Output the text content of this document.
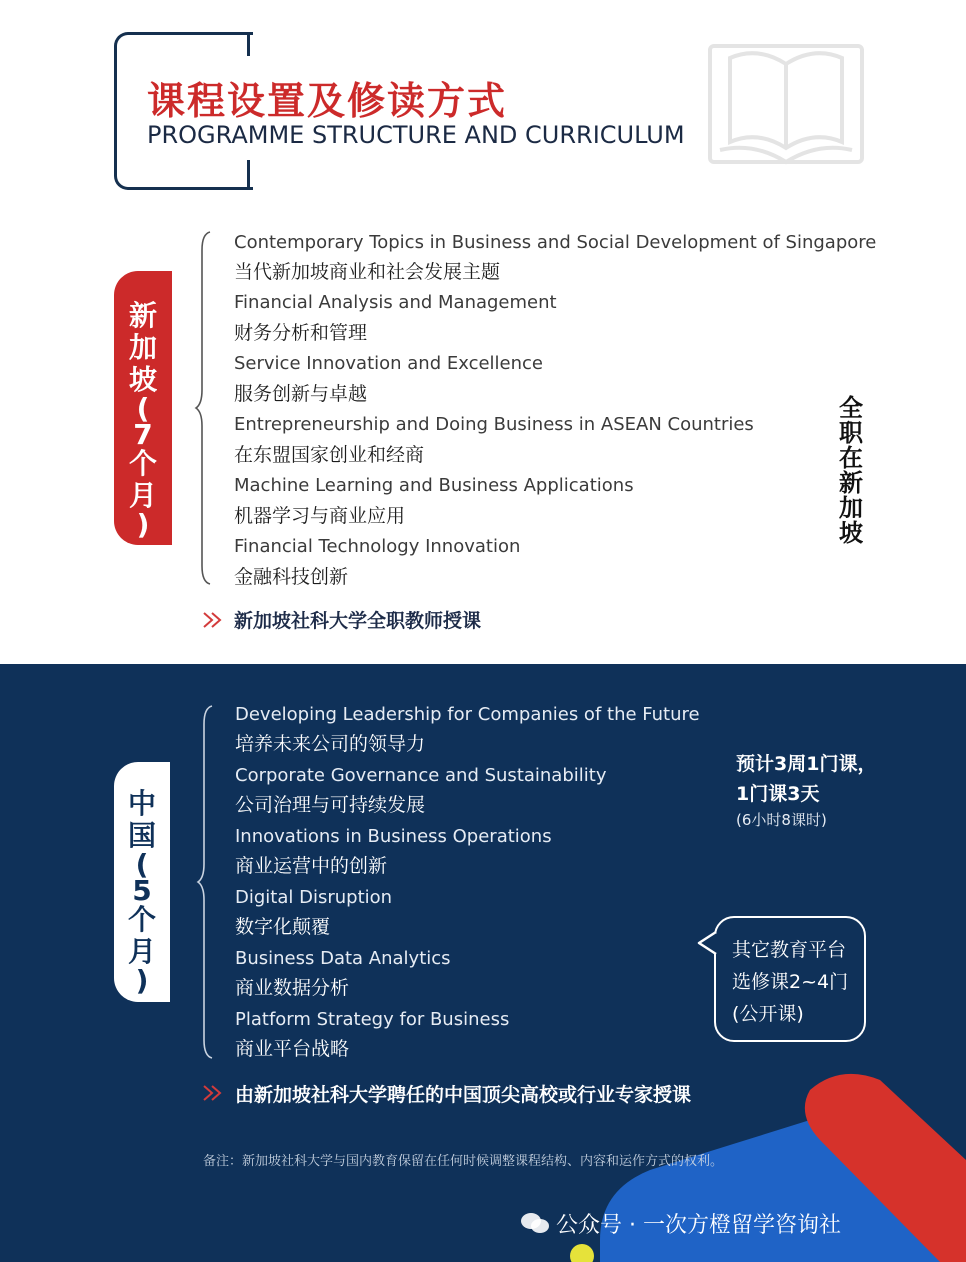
课程设置及修读方式
PROGRAMME STRUCTURE AND CURRICULUM
新
加
坡
(
7
个
月
)
Contemporary Topics in Business and Social Development of Singapore
当代新加坡商业和社会发展主题
Financial Analysis and Management
财务分析和管理
Service Innovation and Excellence
服务创新与卓越
Entrepreneurship and Doing Business in ASEAN Countries
在东盟国家创业和经商
Machine Learning and Business Applications
机器学习与商业应用
Financial Technology Innovation
金融科技创新
全
职
在
新
加
坡
新加坡社科大学全职教师授课
中
国
(
5
个
月
)
Developing Leadership for Companies of the Future
培养未来公司的领导力
Corporate Governance and Sustainability
公司治理与可持续发展
Innovations in Business Operations
商业运营中的创新
Digital Disruption
数字化颠覆
Business Data Analytics
商业数据分析
Platform Strategy for Business
商业平台战略
预计3周1门课，
1门课3天
(6小时8课时)
其它教育平台
选修课2~4门
(公开课)
由新加坡社科大学聘任的中国顶尖高校或行业专家授课
备注：新加坡社科大学与国内教育保留在任何时候调整课程结构、内容和运作方式的权利。
公众号 · 一次方橙留学咨询社
